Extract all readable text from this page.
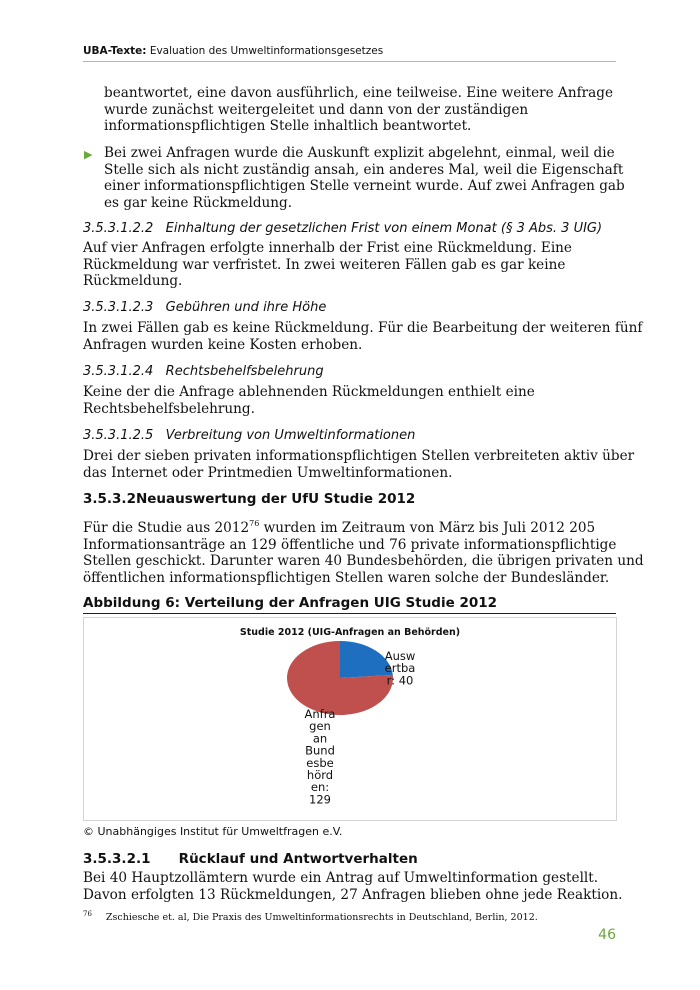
UBA-Texte: Evaluation des Umweltinformationsgesetzes
beantwortet, eine davon ausführlich, eine teilweise. Eine weitere Anfrage
wurde zunächst weitergeleitet und dann von der zuständigen
informationspflichtigen Stelle inhaltlich beantwortet.
▶ Bei zwei Anfragen wurde die Auskunft explizit abgelehnt, einmal, weil die
Stelle sich als nicht zuständig ansah, ein anderes Mal, weil die Eigenschaft
einer informationspflichtigen Stelle verneint wurde. Auf zwei Anfragen gab
es gar keine Rückmeldung.
3.5.3.1.2.2   Einhaltung der gesetzlichen Frist von einem Monat (§ 3 Abs. 3 UIG)
Auf vier Anfragen erfolgte innerhalb der Frist eine Rückmeldung. Eine
Rückmeldung war verfristet. In zwei weiteren Fällen gab es gar keine
Rückmeldung.
3.5.3.1.2.3   Gebühren und ihre Höhe
In zwei Fällen gab es keine Rückmeldung. Für die Bearbeitung der weiteren fünf
Anfragen wurden keine Kosten erhoben.
3.5.3.1.2.4   Rechtsbehelfsbelehrung
Keine der die Anfrage ablehnenden Rückmeldungen enthielt eine
Rechtsbehelfsbelehrung.
3.5.3.1.2.5   Verbreitung von Umweltinformationen
Drei der sieben privaten informationspflichtigen Stellen verbreiteten aktiv über
das Internet oder Printmedien Umweltinformationen.
3.5.3.2Neuauswertung der UfU Studie 2012
Für die Studie aus 2012$^{76}$ wurden im Zeitraum von März bis Juli 2012 205
Informationsanträge an 129 öffentliche und 76 private informationspflichtige
Stellen geschickt. Darunter waren 40 Bundesbehörden, die übrigen privaten und
öffentlichen informationspflichtigen Stellen waren solche der Bundesländer.
Abbildung 6: Verteilung der Anfragen UIG Studie 2012
Studie 2012 (UIG-Anfragen an Behörden)
Ausw ertba r: 40
Anfra gen an Bund esbe hörd en: 129
© Unabhängiges Institut für Umweltfragen e.V.
3.5.3.2.1      Rücklauf und Antwortverhalten
Bei 40 Hauptzollämtern wurde ein Antrag auf Umweltinformation gestellt.
Davon erfolgten 13 Rückmeldungen, 27 Anfragen blieben ohne jede Reaktion.
$^{76}$ Zschiesche et. al, Die Praxis des Umweltinformationsrechts in Deutschland, Berlin, 2012.
46
